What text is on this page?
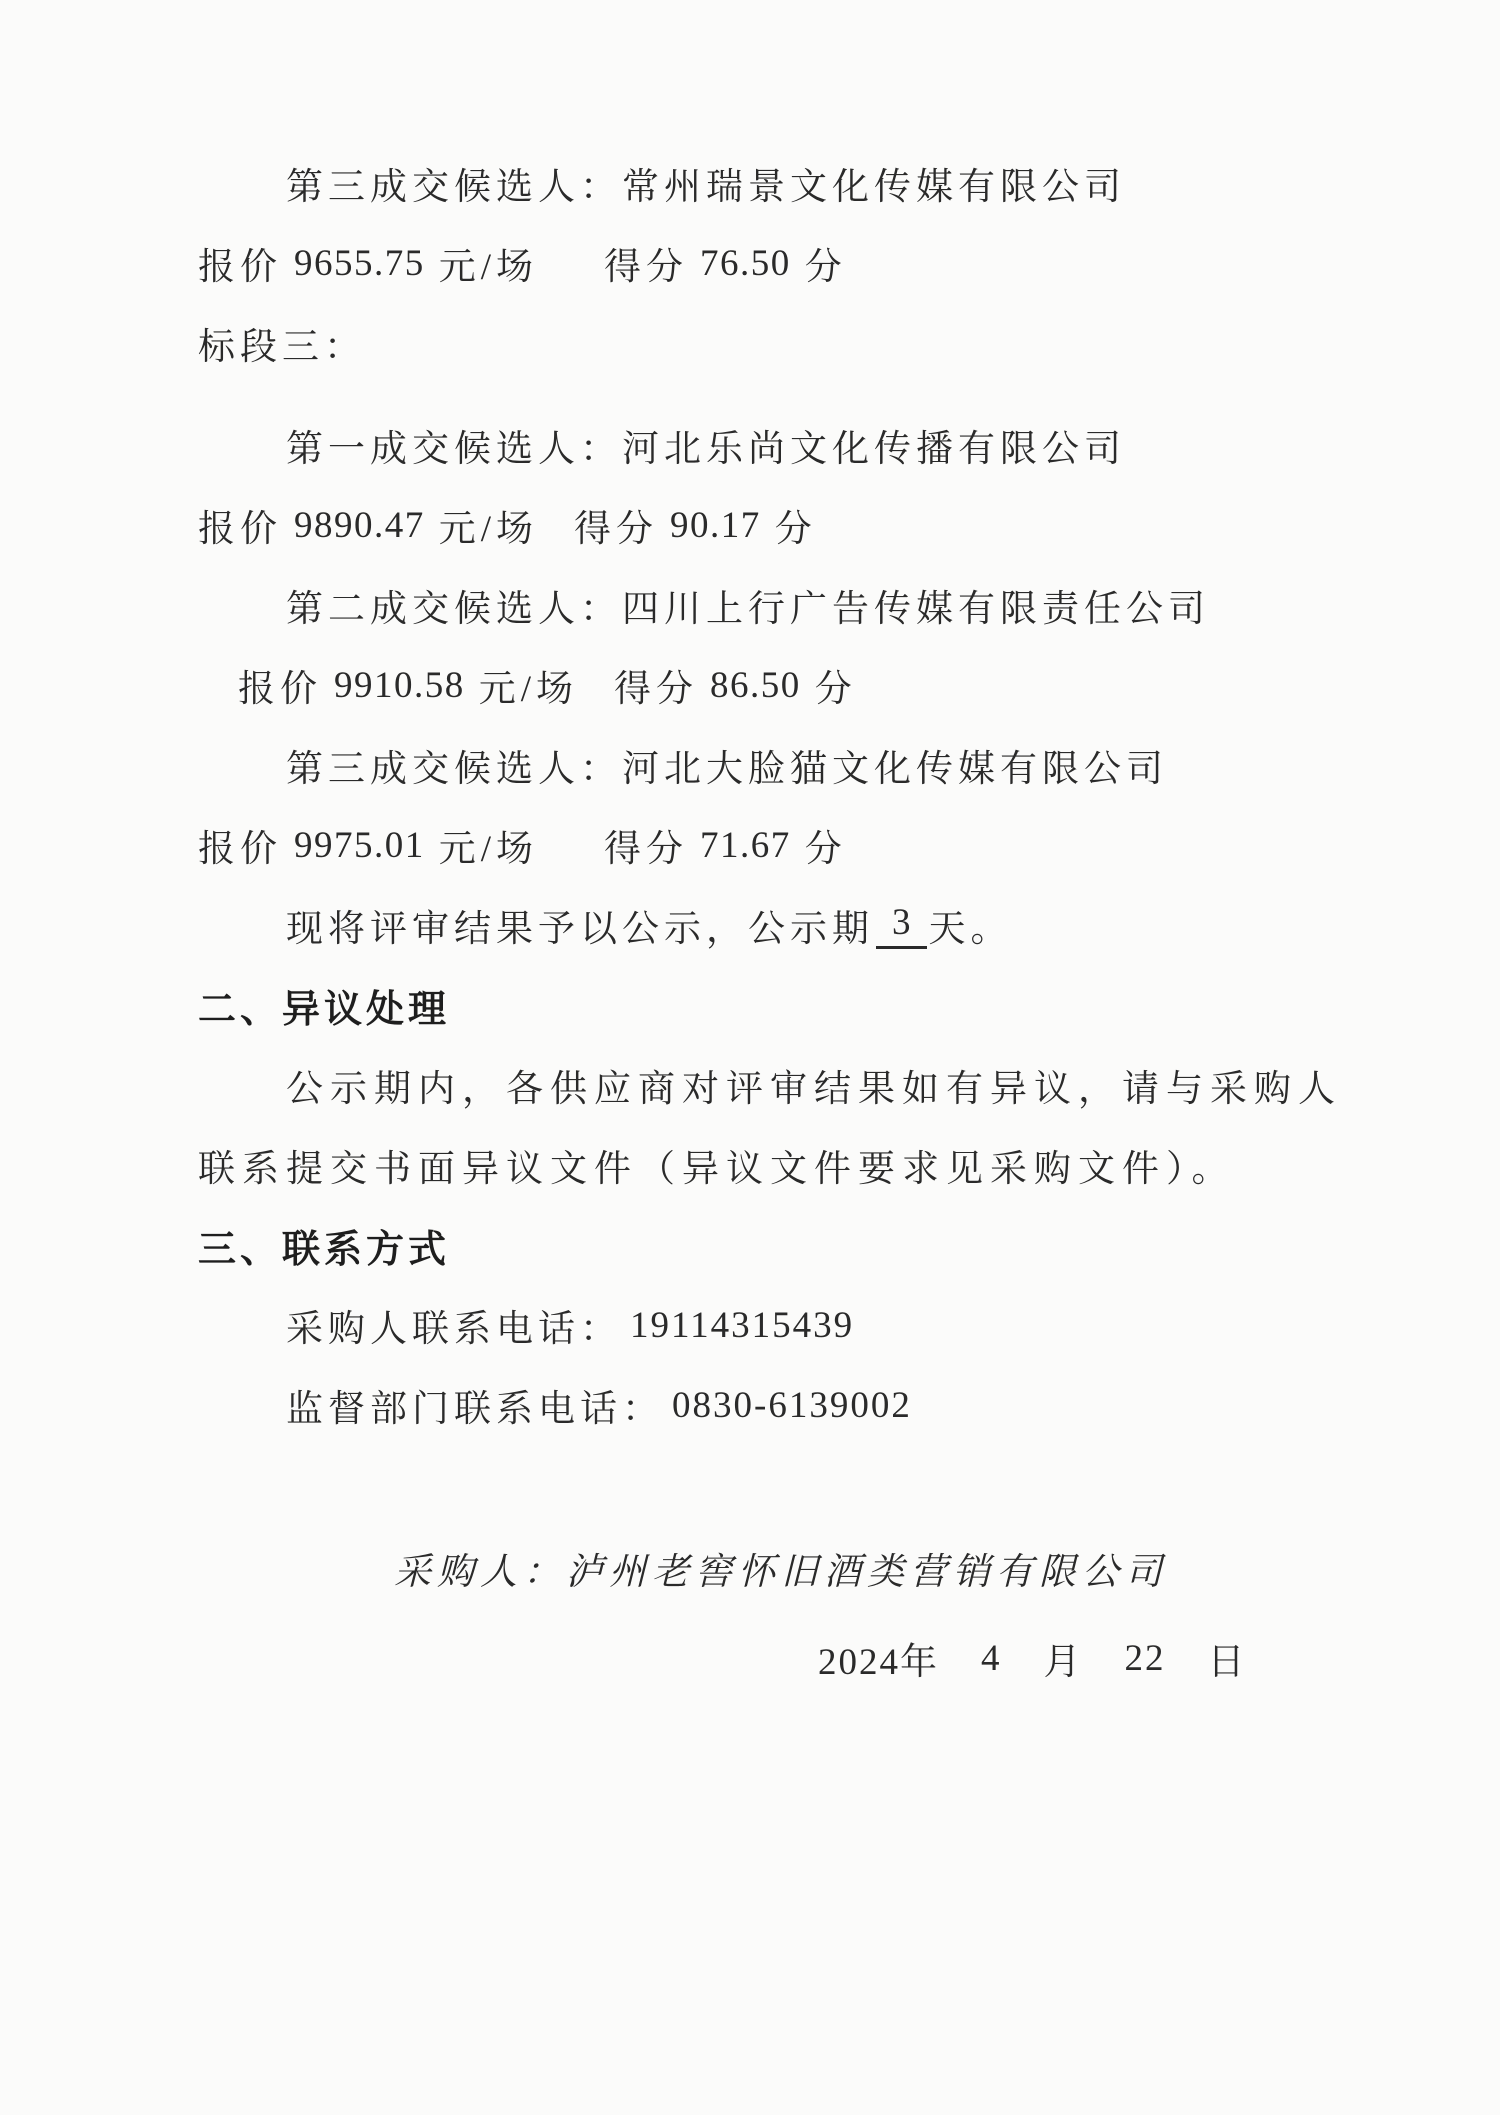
第三成交候选人： 常州瑞景文化传媒有限公司
报价 9655.75 元/场 得分 76.50 分
标段三：
第一成交候选人： 河北乐尚文化传播有限公司
报价 9890.47 元/场 得分 90.17 分
第二成交候选人： 四川上行广告传媒有限责任公司
报价 9910.58 元/场 得分 86.50 分
第三成交候选人： 河北大脸猫文化传媒有限公司
报价 9975.01 元/场 得分 71.67 分
现将评审结果予以公示，公示期 3 天。
二、异议处理
公示期内，各供应商对评审结果如有异议，请与采购人
联系提交书面异议文件（异议文件要求见采购文件）。
三、联系方式
采购人联系电话： 19114315439
监督部门联系电话： 0830-6139002
采购人： 泸州老窖怀旧酒类营销有限公司
2024年 4 月 22 日
